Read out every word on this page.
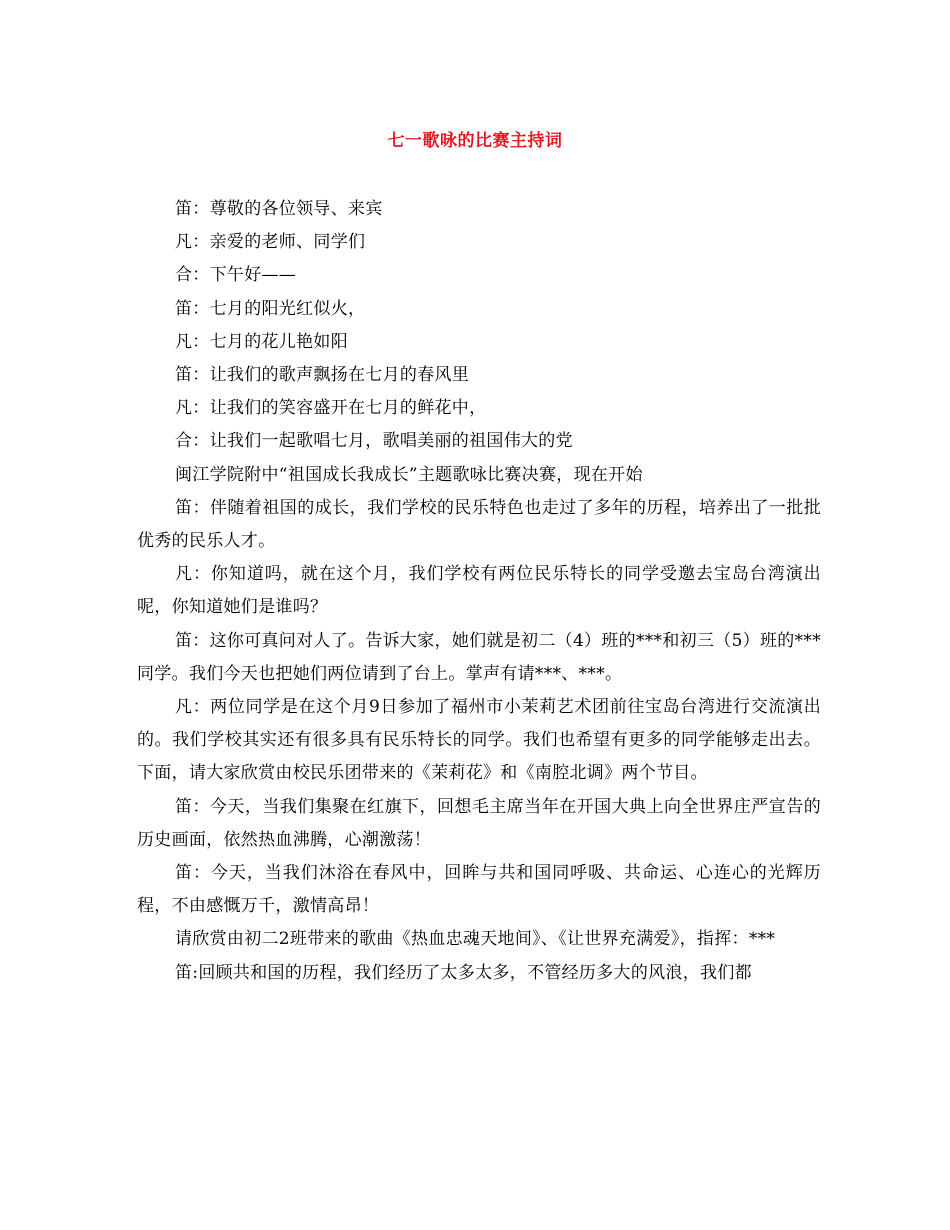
七一歌咏的比赛主持词

笛：尊敬的各位领导、来宾

凡：亲爱的老师、同学们

合：下午好——

笛：七月的阳光红似火，

凡：七月的花儿艳如阳

笛：让我们的歌声飘扬在七月的春风里

凡：让我们的笑容盛开在七月的鲜花中，

合：让我们一起歌唱七月，歌唱美丽的祖国伟大的党

闽江学院附中“祖国成长我成长”主题歌咏比赛决赛，现在开始

笛：伴随着祖国的成长，我们学校的民乐特色也走过了多年的历程，培养出了一批批优秀的民乐人才。

凡：你知道吗，就在这个月，我们学校有两位民乐特长的同学受邀去宝岛台湾演出呢，你知道她们是谁吗？

笛：这你可真问对人了。告诉大家，她们就是初二（4）班的***和初三（5）班的***同学。我们今天也把她们两位请到了台上。掌声有请***、***。

凡：两位同学是在这个月9日参加了福州市小茉莉艺术团前往宝岛台湾进行交流演出的。我们学校其实还有很多具有民乐特长的同学。我们也希望有更多的同学能够走出去。下面，请大家欣赏由校民乐团带来的《茉莉花》和《南腔北调》两个节目。

笛：今天，当我们集聚在红旗下，回想毛主席当年在开国大典上向全世界庄严宣告的历史画面，依然热血沸腾，心潮激荡！

笛：今天，当我们沐浴在春风中，回眸与共和国同呼吸、共命运、心连心的光辉历程，不由感慨万千，激情高昂！

请欣赏由初二2班带来的歌曲《热血忠魂天地间》、《让世界充满爱》，指挥：***

笛:回顾共和国的历程，我们经历了太多太多，不管经历多大的风浪，我们都
